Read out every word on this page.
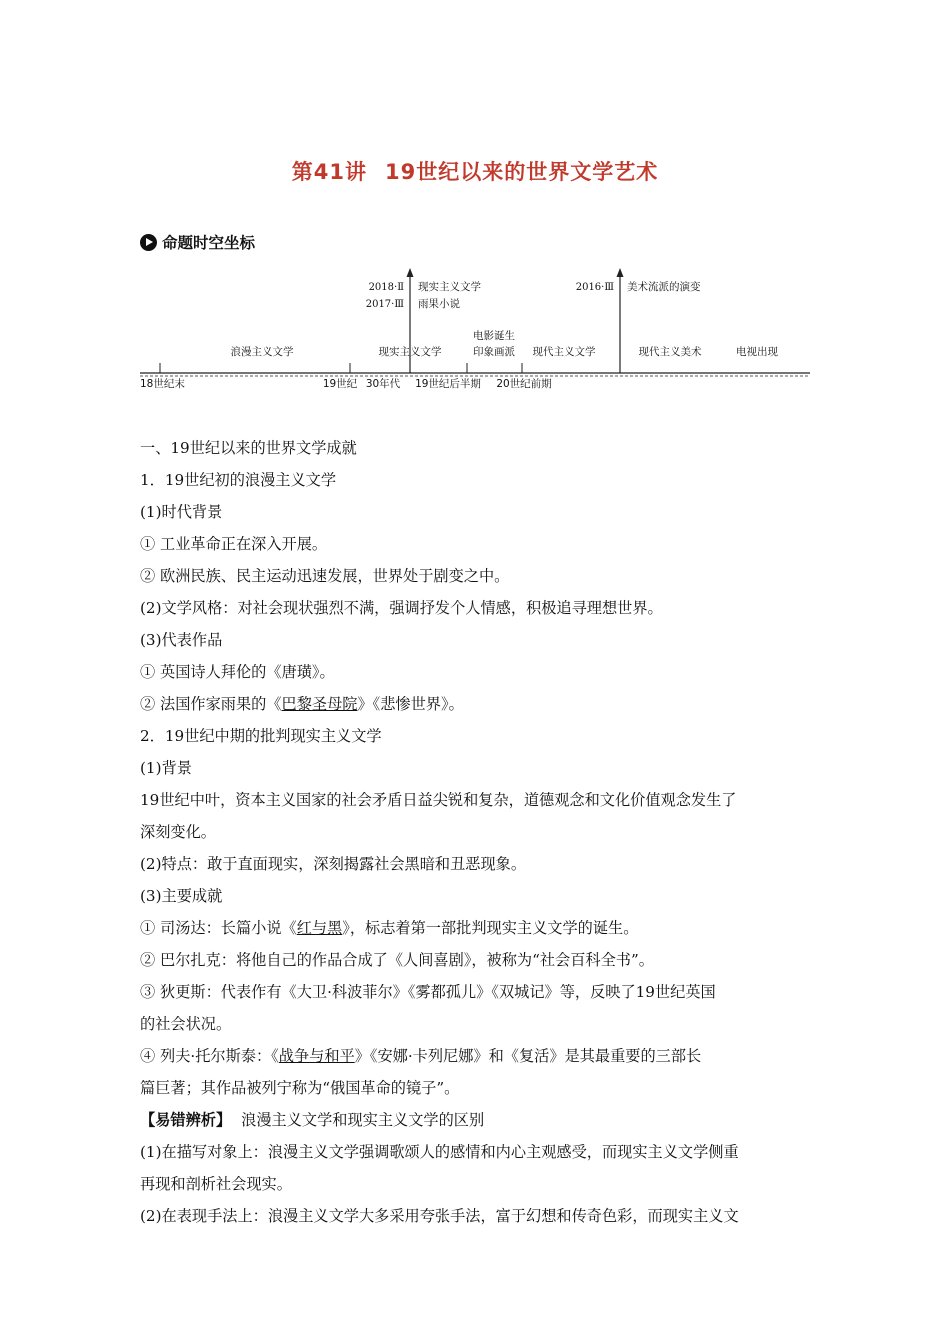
第41讲 19世纪以来的世界文学艺术
命题时空坐标
2018·Ⅱ 现实主义文学
2017·Ⅲ 雨果小说
2016·Ⅲ 美术流派的演变
浪漫主义文学	现实主义文学
电影诞生
印象画派 现代主义文学	现代主义美术	电视出现
18世纪末	19世纪 30年代 19世纪后半期 20世纪前期
一、19世纪以来的世界文学成就
1．19世纪初的浪漫主义文学
(1)时代背景
① 工业革命正在深入开展。
② 欧洲民族、民主运动迅速发展，世界处于剧变之中。
(2)文学风格：对社会现状强烈不满，强调抒发个人情感，积极追寻理想世界。
(3)代表作品
① 英国诗人拜伦的《唐璜》。
② 法国作家雨果的《巴黎圣母院》《悲惨世界》。
2．19世纪中期的批判现实主义文学
(1)背景
19世纪中叶，资本主义国家的社会矛盾日益尖锐和复杂，道德观念和文化价值观念发生了
深刻变化。
(2)特点：敢于直面现实，深刻揭露社会黑暗和丑恶现象。
(3)主要成就
① 司汤达：长篇小说《红与黑》，标志着第一部批判现实主义文学的诞生。
② 巴尔扎克：将他自己的作品合成了《人间喜剧》，被称为“社会百科全书”。
③ 狄更斯：代表作有《大卫·科波菲尔》《雾都孤儿》《双城记》等，反映了19世纪英国
的社会状况。
④ 列夫·托尔斯泰：《战争与和平》《安娜·卡列尼娜》和《复活》是其最重要的三部长
篇巨著；其作品被列宁称为“俄国革命的镜子”。
【易错辨析】 浪漫主义文学和现实主义文学的区别
(1)在描写对象上：浪漫主义文学强调歌颂人的感情和内心主观感受，而现实主义文学侧重
再现和剖析社会现实。
(2)在表现手法上：浪漫主义文学大多采用夸张手法，富于幻想和传奇色彩，而现实主义文
